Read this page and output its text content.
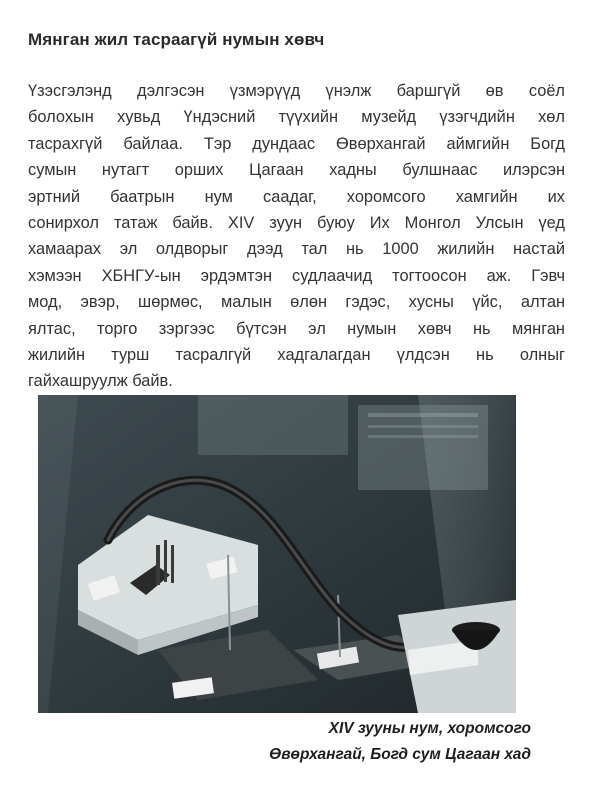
Мянган жил тасраагүй нумын хөвч
Үзэсгэлэнд дэлгэсэн үзмэрүүд үнэлж баршгүй өв соёл
болохын хувьд Үндэсний түүхийн музейд үзэгчдийн хөл
тасрахгүй байлаа. Тэр дундаас Өвөрхангай аймгийн Богд
сумын нутагт орших Цагаан хадны булшнаас илэрсэн
эртний баатрын нум саадаг, хоромсого хамгийн их
сонирхол татаж байв. XIV зуун буюу Их Монгол Улсын үед
хамаарах эл олдворыг дээд тал нь 1000 жилийн настай
хэмээн ХБНГУ-ын эрдэмтэн судлаачид тогтоосон аж. Гэвч
мод, эвэр, шөрмөс, малын өлөн гэдэс, хусны үйс, алтан
ялтас, торго зэргээс бүтсэн эл нумын хөвч нь мянган
жилийн турш тасралгүй хадгалагдан үлдсэн нь олныг
гайхашруулж байв.
XIV зууны нум, хоромсого
Өвөрхангай, Богд сум Цагаан хад
